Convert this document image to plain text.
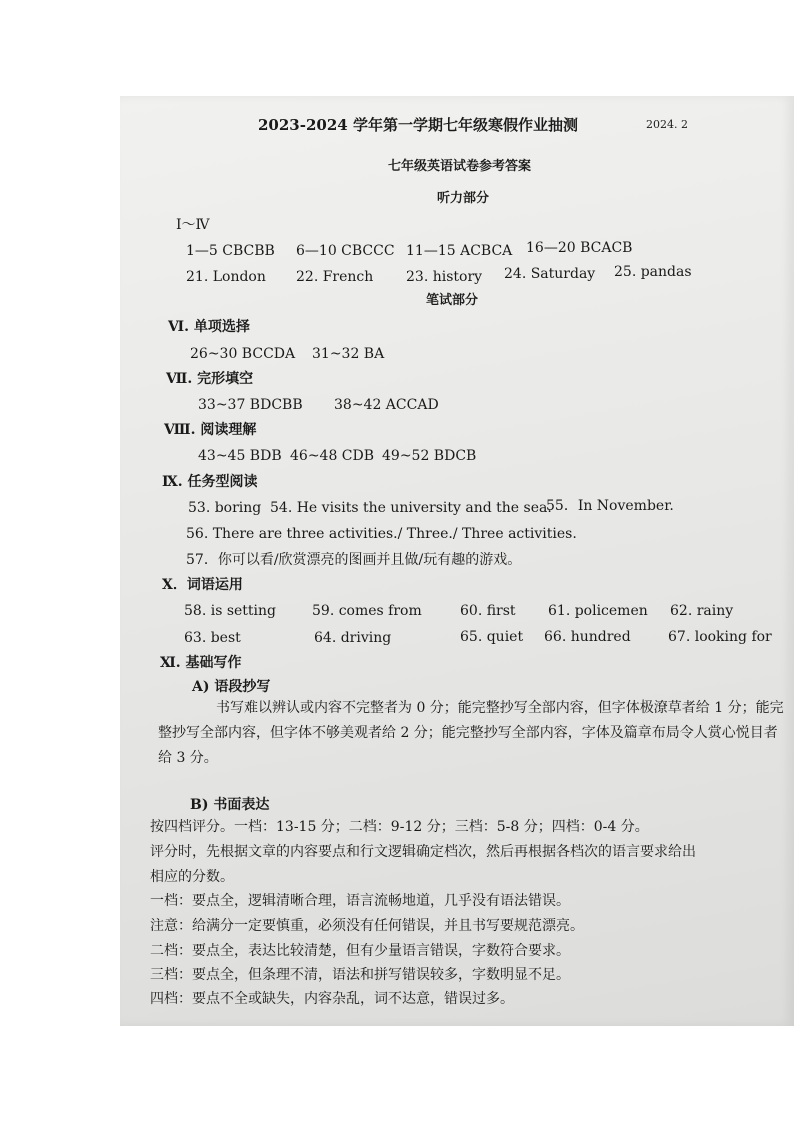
2023-2024 学年第一学期七年级寒假作业抽测	2024. 2
七年级英语试卷参考答案
听力部分
Ⅰ～Ⅳ
1—5 CBCBB 6—10 CBCCC 11—15 ACBCA 16—20 BCACB
21. London 22. French 23. history 24. Saturday 25. pandas
笔试部分
Ⅵ. 单项选择
26~30 BCCDA 31~32 BA
Ⅶ. 完形填空
33~37 BDCBB 38~42 ACCAD
Ⅷ. 阅读理解
43~45 BDB 46~48 CDB 49~52 BDCB
Ⅸ. 任务型阅读
53. boring 54. He visits the university and the sea.
55．In November.
56. There are three activities./ Three./ Three activities.
57．你可以看/欣赏漂亮的图画并且做/玩有趣的游戏。
Ⅹ．词语运用
58. is setting	59. comes from	60. first 61. policemen 62. rainy
63. best	64. driving	65. quiet 66. hundred	67. looking for
Ⅺ. 基础写作
A) 语段抄写
书写难以辨认或内容不完整者为 0 分；能完整抄写全部内容，但字体极潦草者给 1 分；能完整抄写全部内容，但字体不够美观者给 2 分；能完整抄写全部内容，字体及篇章布局令人赏心悦目者给 3 分。
B) 书面表达
按四档评分。一档：13-15 分；二档：9-12 分；三档：5-8 分；四档：0-4 分。
评分时，先根据文章的内容要点和行文逻辑确定档次，然后再根据各档次的语言要求给出
相应的分数。
一档：要点全，逻辑清晰合理，语言流畅地道，几乎没有语法错误。
注意：给满分一定要慎重，必须没有任何错误，并且书写要规范漂亮。
二档：要点全，表达比较清楚，但有少量语言错误，字数符合要求。
三档：要点全，但条理不清，语法和拼写错误较多，字数明显不足。
四档：要点不全或缺失，内容杂乱，词不达意，错误过多。
